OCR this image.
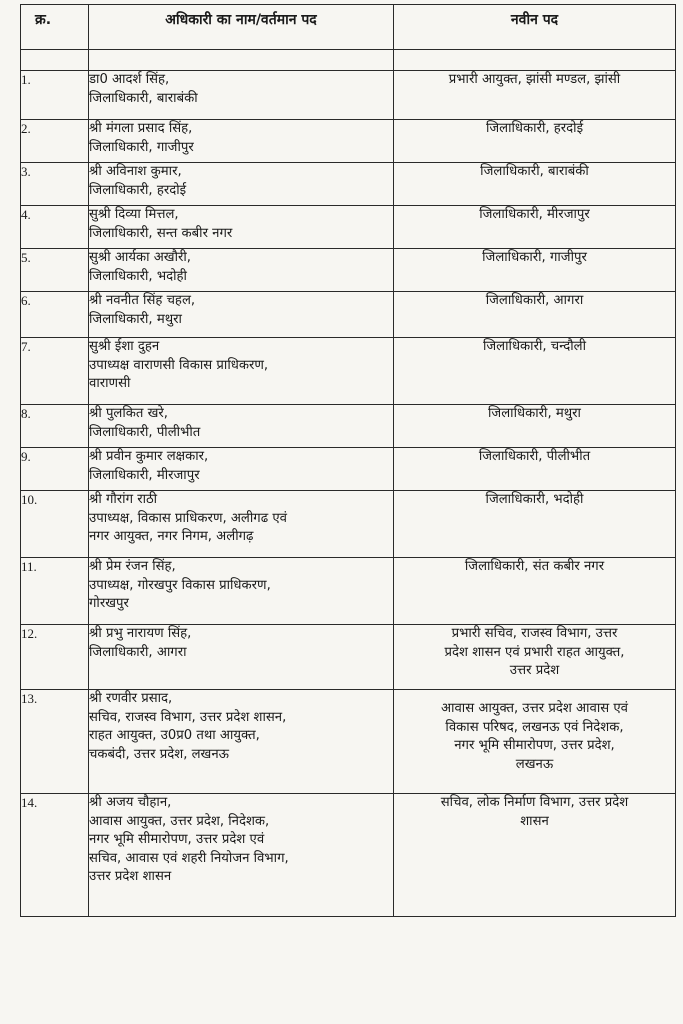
क्र.	अधिकारी का नाम/वर्तमान पद	नवीन पद

1.	डा0 आदर्श सिंह,
जिलाधिकारी, बाराबंकी	प्रभारी आयुक्त, झांसी मण्डल, झांसी

2.	श्री मंगला प्रसाद सिंह,
जिलाधिकारी, गाजीपुर	जिलाधिकारी, हरदोई

3.	श्री अविनाश कुमार,
जिलाधिकारी, हरदोई	जिलाधिकारी, बाराबंकी

4.	सुश्री दिव्या मित्तल,
जिलाधिकारी, सन्त कबीर नगर	जिलाधिकारी, मीरजापुर

5.	सुश्री आर्यका अखौरी,
जिलाधिकारी, भदोही	जिलाधिकारी, गाजीपुर

6.	श्री नवनीत सिंह चहल,
जिलाधिकारी, मथुरा	जिलाधिकारी, आगरा

7.	सुश्री ईशा दुहन
उपाध्यक्ष वाराणसी विकास प्राधिकरण,
वाराणसी	जिलाधिकारी, चन्दौली

8.	श्री पुलकित खरे,
जिलाधिकारी, पीलीभीत	जिलाधिकारी, मथुरा

9.	श्री प्रवीन कुमार लक्षकार,
जिलाधिकारी, मीरजापुर	जिलाधिकारी, पीलीभीत

10.	श्री गौरांग राठी
उपाध्यक्ष, विकास प्राधिकरण, अलीगढ एवं
नगर आयुक्त, नगर निगम, अलीगढ़	जिलाधिकारी, भदोही

11.	श्री प्रेम रंजन सिंह,
उपाध्यक्ष, गोरखपुर विकास प्राधिकरण,
गोरखपुर	जिलाधिकारी, संत कबीर नगर

12.	श्री प्रभु नारायण सिंह,
जिलाधिकारी, आगरा	प्रभारी सचिव, राजस्व विभाग, उत्तर
प्रदेश शासन एवं प्रभारी राहत आयुक्त,
उत्तर प्रदेश

13.	श्री रणवीर प्रसाद,
सचिव, राजस्व विभाग, उत्तर प्रदेश शासन,
राहत आयुक्त, उ0प्र0 तथा आयुक्त,
चकबंदी, उत्तर प्रदेश, लखनऊ	आवास आयुक्त, उत्तर प्रदेश आवास एवं
विकास परिषद, लखनऊ एवं निदेशक,
नगर भूमि सीमारोपण, उत्तर प्रदेश,
लखनऊ

14.	श्री अजय चौहान,
आवास आयुक्त, उत्तर प्रदेश, निदेशक,
नगर भूमि सीमारोपण, उत्तर प्रदेश एवं
सचिव, आवास एवं शहरी नियोजन विभाग,
उत्तर प्रदेश शासन	सचिव, लोक निर्माण विभाग, उत्तर प्रदेश
शासन
